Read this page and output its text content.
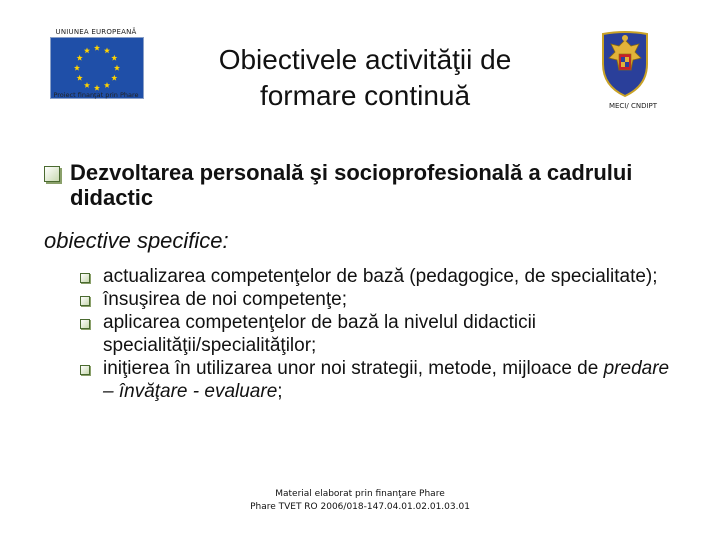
UNIUNEA EUROPEANĂ
Proiect finanţat prin Phare
Obiectivele activităţii de
formare continuă	MECI/ CNDIPT
Dezvoltarea personală şi socioprofesională a cadrului didactic
obiective specifice:
actualizarea competenţelor de bază (pedagogice, de specialitate);
însuşirea de noi competenţe;
aplicarea competenţelor de bază la nivelul didacticii specialităţii/specialităţilor;
iniţierea în utilizarea unor noi strategii, metode, mijloace de predare – învăţare - evaluare;
Material elaborat prin finanţare Phare
Phare TVET RO 2006/018-147.04.01.02.01.03.01
